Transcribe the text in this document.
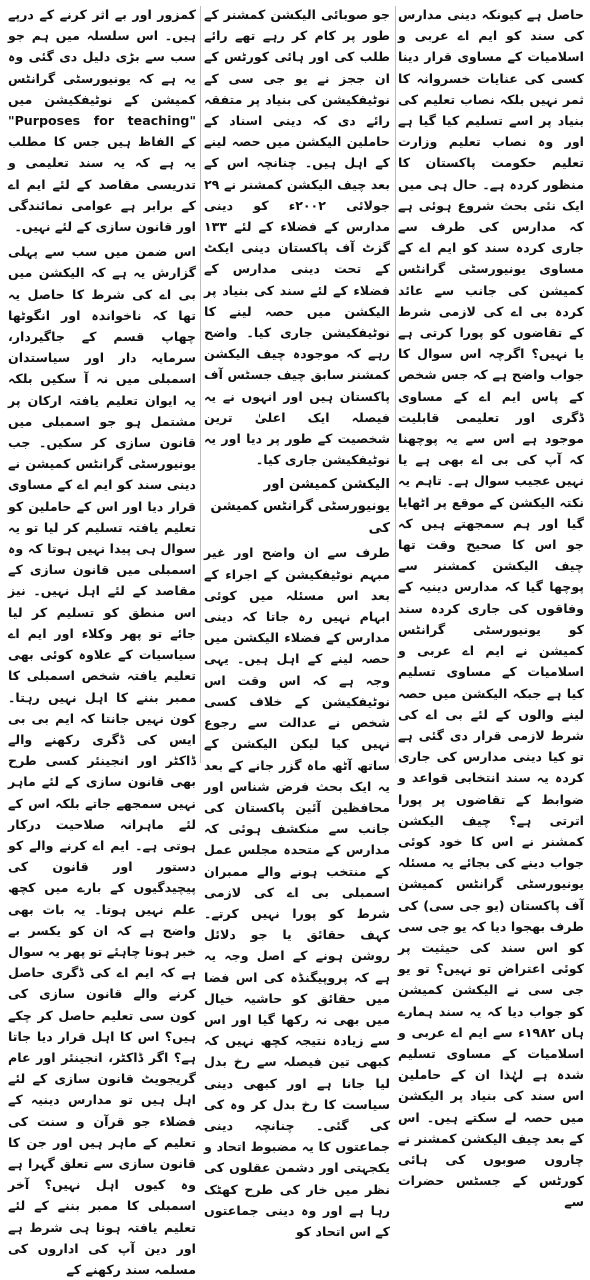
حاصل ہے کیونکہ دینی مدارس کی سند کو ایم اے عربی و اسلامیات کے مساوی قرار دینا کسی کی عنایات خسروانہ کا ثمر نہیں بلکہ نصاب تعلیم کی بنیاد پر اسے تسلیم کیا گیا ہے اور وہ نصاب تعلیم وزارت تعلیم حکومت پاکستان کا منظور کردہ ہے۔ حال ہی میں ایک نئی بحث شروع ہوئی ہے کہ مدارس کی طرف سے جاری کردہ سند کو ایم اے کے مساوی یونیورسٹی گرانٹس کمیشن کی جانب سے عائد کردہ بی اے کی لازمی شرط کے تقاضوں کو پورا کرتی ہے یا نہیں؟ اگرچہ اس سوال کا جواب واضح ہے کہ جس شخص کے پاس ایم اے کے مساوی ڈگری اور تعلیمی قابلیت موجود ہے اس سے یہ پوچھنا کہ آپ کی بی اے بھی ہے یا نہیں عجیب سوال ہے۔ تاہم یہ نکتہ الیکشن کے موقع پر اٹھایا گیا اور ہم سمجھتے ہیں کہ جو اس کا صحیح وقت تھا چیف الیکشن کمشنر سے پوچھا گیا کہ مدارس دینیہ کے وفاقوں کی جاری کردہ سند کو یونیورسٹی گرانٹس کمیشن نے ایم اے عربی و اسلامیات کے مساوی تسلیم کیا ہے جبکہ الیکشن میں حصہ لینے والوں کے لئے بی اے کی شرط لازمی قرار دی گئی ہے تو کیا دینی مدارس کی جاری کردہ یہ سند انتخابی قواعد و ضوابط کے تقاضوں پر پورا اترتی ہے؟ چیف الیکشن کمشنر نے اس کا خود کوئی جواب دینے کی بجائے یہ مسئلہ یونیورسٹی گرانٹس کمیشن آف پاکستان (یو جی سی) کی طرف بھجوا دیا کہ یو جی سی کو اس سند کی حیثیت پر کوئی اعتراض تو نہیں؟ تو یو جی سی نے الیکشن کمیشن کو جواب دیا کہ یہ سند ہمارے ہاں ۱۹۸۲ء سے ایم اے عربی و اسلامیات کے مساوی تسلیم شدہ ہے لہٰذا ان کے حاملین اس سند کی بنیاد پر الیکشن میں حصہ لے سکتے ہیں۔ اس کے بعد چیف الیکشن کمشنر نے چاروں صوبوں کی ہائی کورٹس کے جسٹس حضرات سے

جو صوبائی الیکشن کمشنر کے طور پر کام کر رہے تھے رائے طلب کی اور ہائی کورٹس کے ان ججز نے یو جی سی کے نوٹیفکیشن کی بنیاد پر متفقہ رائے دی کہ دینی اسناد کے حاملین الیکشن میں حصہ لینے کے اہل ہیں۔ چنانچہ اس کے بعد چیف الیکشن کمشنر نے ۲۹ جولائی ۲۰۰۲ء کو دینی مدارس کے فضلاء کے لئے ۱۳۳ گزٹ آف پاکستان دینی ایکٹ کے تحت دینی مدارس کے فضلاء کے لئے سند کی بنیاد پر الیکشن میں حصہ لینے کا نوٹیفکیشن جاری کیا۔ واضح رہے کہ موجودہ چیف الیکشن کمشنر سابق چیف جسٹس آف پاکستان ہیں اور انہوں نے یہ فیصلہ ایک اعلیٰ ترین شخصیت کے طور پر دیا اور یہ نوٹیفکیشن جاری کیا۔

الیکشن کمیشن اور یونیورسٹی گرانٹس کمیشن کی

طرف سے ان واضح اور غیر مبہم نوٹیفکیشن کے اجراء کے بعد اس مسئلہ میں کوئی ابہام نہیں رہ جاتا کہ دینی مدارس کے فضلاء الیکشن میں حصہ لینے کے اہل ہیں۔ یہی وجہ ہے کہ اس وقت اس نوٹیفکیشن کے خلاف کسی شخص نے عدالت سے رجوع نہیں کیا لیکن الیکشن کے ساتھ آٹھ ماہ گزر جانے کے بعد یہ ایک بحث فرض شناس اور محافظین آئین پاکستان کی جانب سے منکشف ہوئی کہ مدارس کے متحدہ مجلس عمل کے منتخب ہونے والے ممبران اسمبلی بی اے کی لازمی شرط کو پورا نہیں کرتے۔ کہف حقائق یا جو دلائل روشن ہونے کے اصل وجہ یہ ہے کہ پروپیگنڈہ کی اس فضا میں حقائق کو حاشیہ خیال میں بھی نہ رکھا گیا اور اس سے زیادہ نتیجہ کچھ نہیں کہ کبھی تین فیصلہ سے رخ بدل لیا جانا ہے اور کبھی دینی سیاست کا رخ بدل کر وہ کی کی گئی۔ چنانچہ دینی جماعتوں کا یہ مضبوط اتحاد و یکجہتی اور دشمن عقلوں کی نظر میں خار کی طرح کھٹک رہا ہے اور وہ دینی جماعتوں کے اس اتحاد کو

کمزور اور بے اثر کرنے کے درپے ہیں۔ اس سلسلہ میں ہم جو سب سے بڑی دلیل دی گئی وہ یہ ہے کہ یونیورسٹی گرانٹس کمیشن کے نوٹیفکیشن میں "Purposes for teaching" کے الفاظ ہیں جس کا مطلب یہ ہے کہ یہ سند تعلیمی و تدریسی مقاصد کے لئے ایم اے کے برابر ہے عوامی نمائندگی اور قانون سازی کے لئے نہیں۔

اس ضمن میں سب سے پہلی گزارش یہ ہے کہ الیکشن میں بی اے کی شرط کا حاصل یہ تھا کہ ناخواندہ اور انگوٹھا چھاپ قسم کے جاگیردار، سرمایہ دار اور سیاستدان اسمبلی میں نہ آ سکیں بلکہ یہ ایوان تعلیم یافتہ ارکان پر مشتمل ہو جو اسمبلی میں قانون سازی کر سکیں۔ جب یونیورسٹی گرانٹس کمیشن نے دینی سند کو ایم اے کے مساوی قرار دیا اور اس کے حاملین کو تعلیم یافتہ تسلیم کر لیا تو یہ سوال ہی پیدا نہیں ہوتا کہ وہ اسمبلی میں قانون سازی کے مقاصد کے لئے اہل نہیں۔ نیز اس منطق کو تسلیم کر لیا جائے تو پھر وکلاء اور ایم اے سیاسیات کے علاوہ کوئی بھی تعلیم یافتہ شخص اسمبلی کا ممبر بننے کا اہل نہیں رہتا۔ کون نہیں جانتا کہ ایم بی بی ایس کی ڈگری رکھنے والے ڈاکٹر اور انجینئر کسی طرح بھی قانون سازی کے لئے ماہر نہیں سمجھے جاتے بلکہ اس کے لئے ماہرانہ صلاحیت درکار ہوتی ہے۔ ایم اے کرنے والے کو دستور اور قانون کی پیچیدگیوں کے بارے میں کچھ علم نہیں ہوتا۔ یہ بات بھی واضح ہے کہ ان کو یکسر بے خبر ہونا چاہئے تو پھر یہ سوال ہے کہ ایم اے کی ڈگری حاصل کرنے والے قانون سازی کی کون سی تعلیم حاصل کر چکے ہیں؟ اس کا اہل قرار دیا جاتا ہے؟ اگر ڈاکٹر، انجینئر اور عام گریجویٹ قانون سازی کے لئے اہل ہیں تو مدارس دینیہ کے فضلاء جو قرآن و سنت کی تعلیم کے ماہر ہیں اور جن کا قانون سازی سے تعلق گہرا ہے وہ کیوں اہل نہیں؟ آخر اسمبلی کا ممبر بننے کے لئے تعلیم یافتہ ہونا ہی شرط ہے اور دین آپ کی اداروں کی مسلمہ سند رکھنے کے
